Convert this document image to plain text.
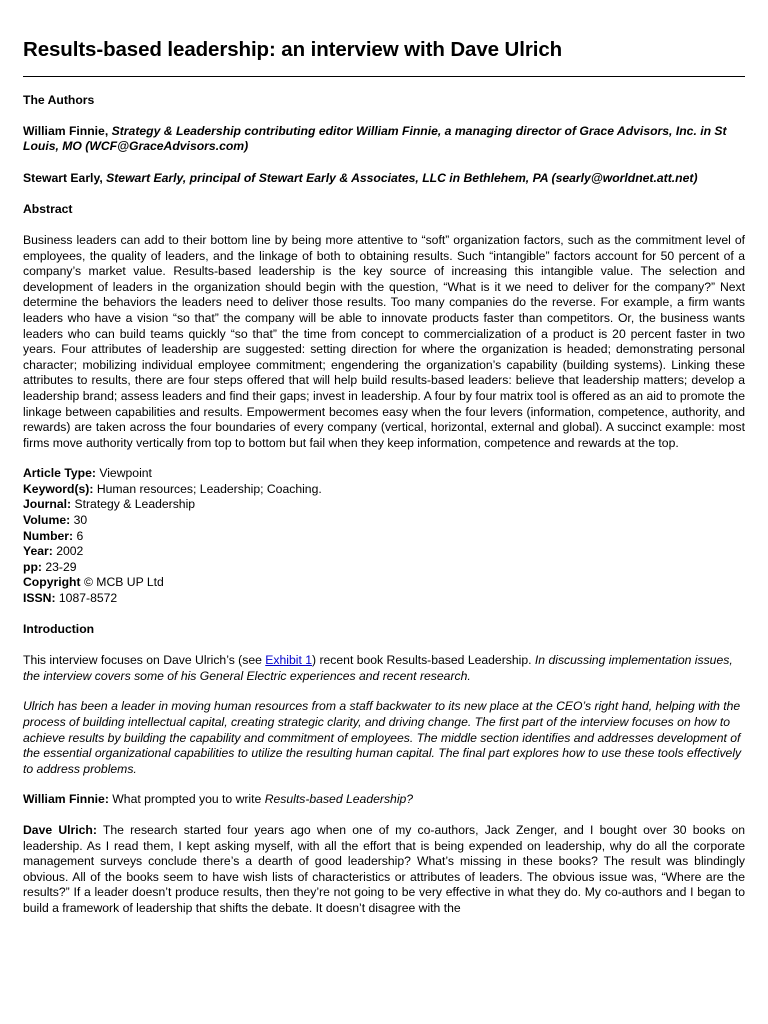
Results-based leadership: an interview with Dave Ulrich

The Authors

William Finnie, Strategy & Leadership contributing editor William Finnie, a managing director of Grace Advisors, Inc. in St Louis, MO (WCF@GraceAdvisors.com)

Stewart Early, Stewart Early, principal of Stewart Early & Associates, LLC in Bethlehem, PA (searly@worldnet.att.net)

Abstract

Business leaders can add to their bottom line by being more attentive to “soft” organization factors, such as the commitment level of employees, the quality of leaders, and the linkage of both to obtaining results. Such “intangible” factors account for 50 percent of a company’s market value. Results-based leadership is the key source of increasing this intangible value. The selection and development of leaders in the organization should begin with the question, “What is it we need to deliver for the company?” Next determine the behaviors the leaders need to deliver those results. Too many companies do the reverse. For example, a firm wants leaders who have a vision “so that” the company will be able to innovate products faster than competitors. Or, the business wants leaders who can build teams quickly “so that” the time from concept to commercialization of a product is 20 percent faster in two years. Four attributes of leadership are suggested: setting direction for where the organization is headed; demonstrating personal character; mobilizing individual employee commitment; engendering the organization’s capability (building systems). Linking these attributes to results, there are four steps offered that will help build results-based leaders: believe that leadership matters; develop a leadership brand; assess leaders and find their gaps; invest in leadership. A four by four matrix tool is offered as an aid to promote the linkage between capabilities and results. Empowerment becomes easy when the four levers (information, competence, authority, and rewards) are taken across the four boundaries of every company (vertical, horizontal, external and global). A succinct example: most firms move authority vertically from top to bottom but fail when they keep information, competence and rewards at the top.

Article Type: Viewpoint
Keyword(s): Human resources; Leadership; Coaching.
Journal: Strategy & Leadership
Volume: 30
Number: 6
Year: 2002
pp: 23-29
Copyright © MCB UP Ltd
ISSN: 1087-8572

Introduction

This interview focuses on Dave Ulrich’s (see Exhibit 1) recent book Results-based Leadership. In discussing implementation issues, the interview covers some of his General Electric experiences and recent research.

Ulrich has been a leader in moving human resources from a staff backwater to its new place at the CEO’s right hand, helping with the process of building intellectual capital, creating strategic clarity, and driving change. The first part of the interview focuses on how to achieve results by building the capability and commitment of employees. The middle section identifies and addresses development of the essential organizational capabilities to utilize the resulting human capital. The final part explores how to use these tools effectively to address problems.

William Finnie: What prompted you to write Results-based Leadership?

Dave Ulrich: The research started four years ago when one of my co-authors, Jack Zenger, and I bought over 30 books on leadership. As I read them, I kept asking myself, with all the effort that is being expended on leadership, why do all the corporate management surveys conclude there’s a dearth of good leadership? What’s missing in these books? The result was blindingly obvious. All of the books seem to have wish lists of characteristics or attributes of leaders. The obvious issue was, “Where are the results?” If a leader doesn’t produce results, then they’re not going to be very effective in what they do. My co-authors and I began to build a framework of leadership that shifts the debate. It doesn’t disagree with the
